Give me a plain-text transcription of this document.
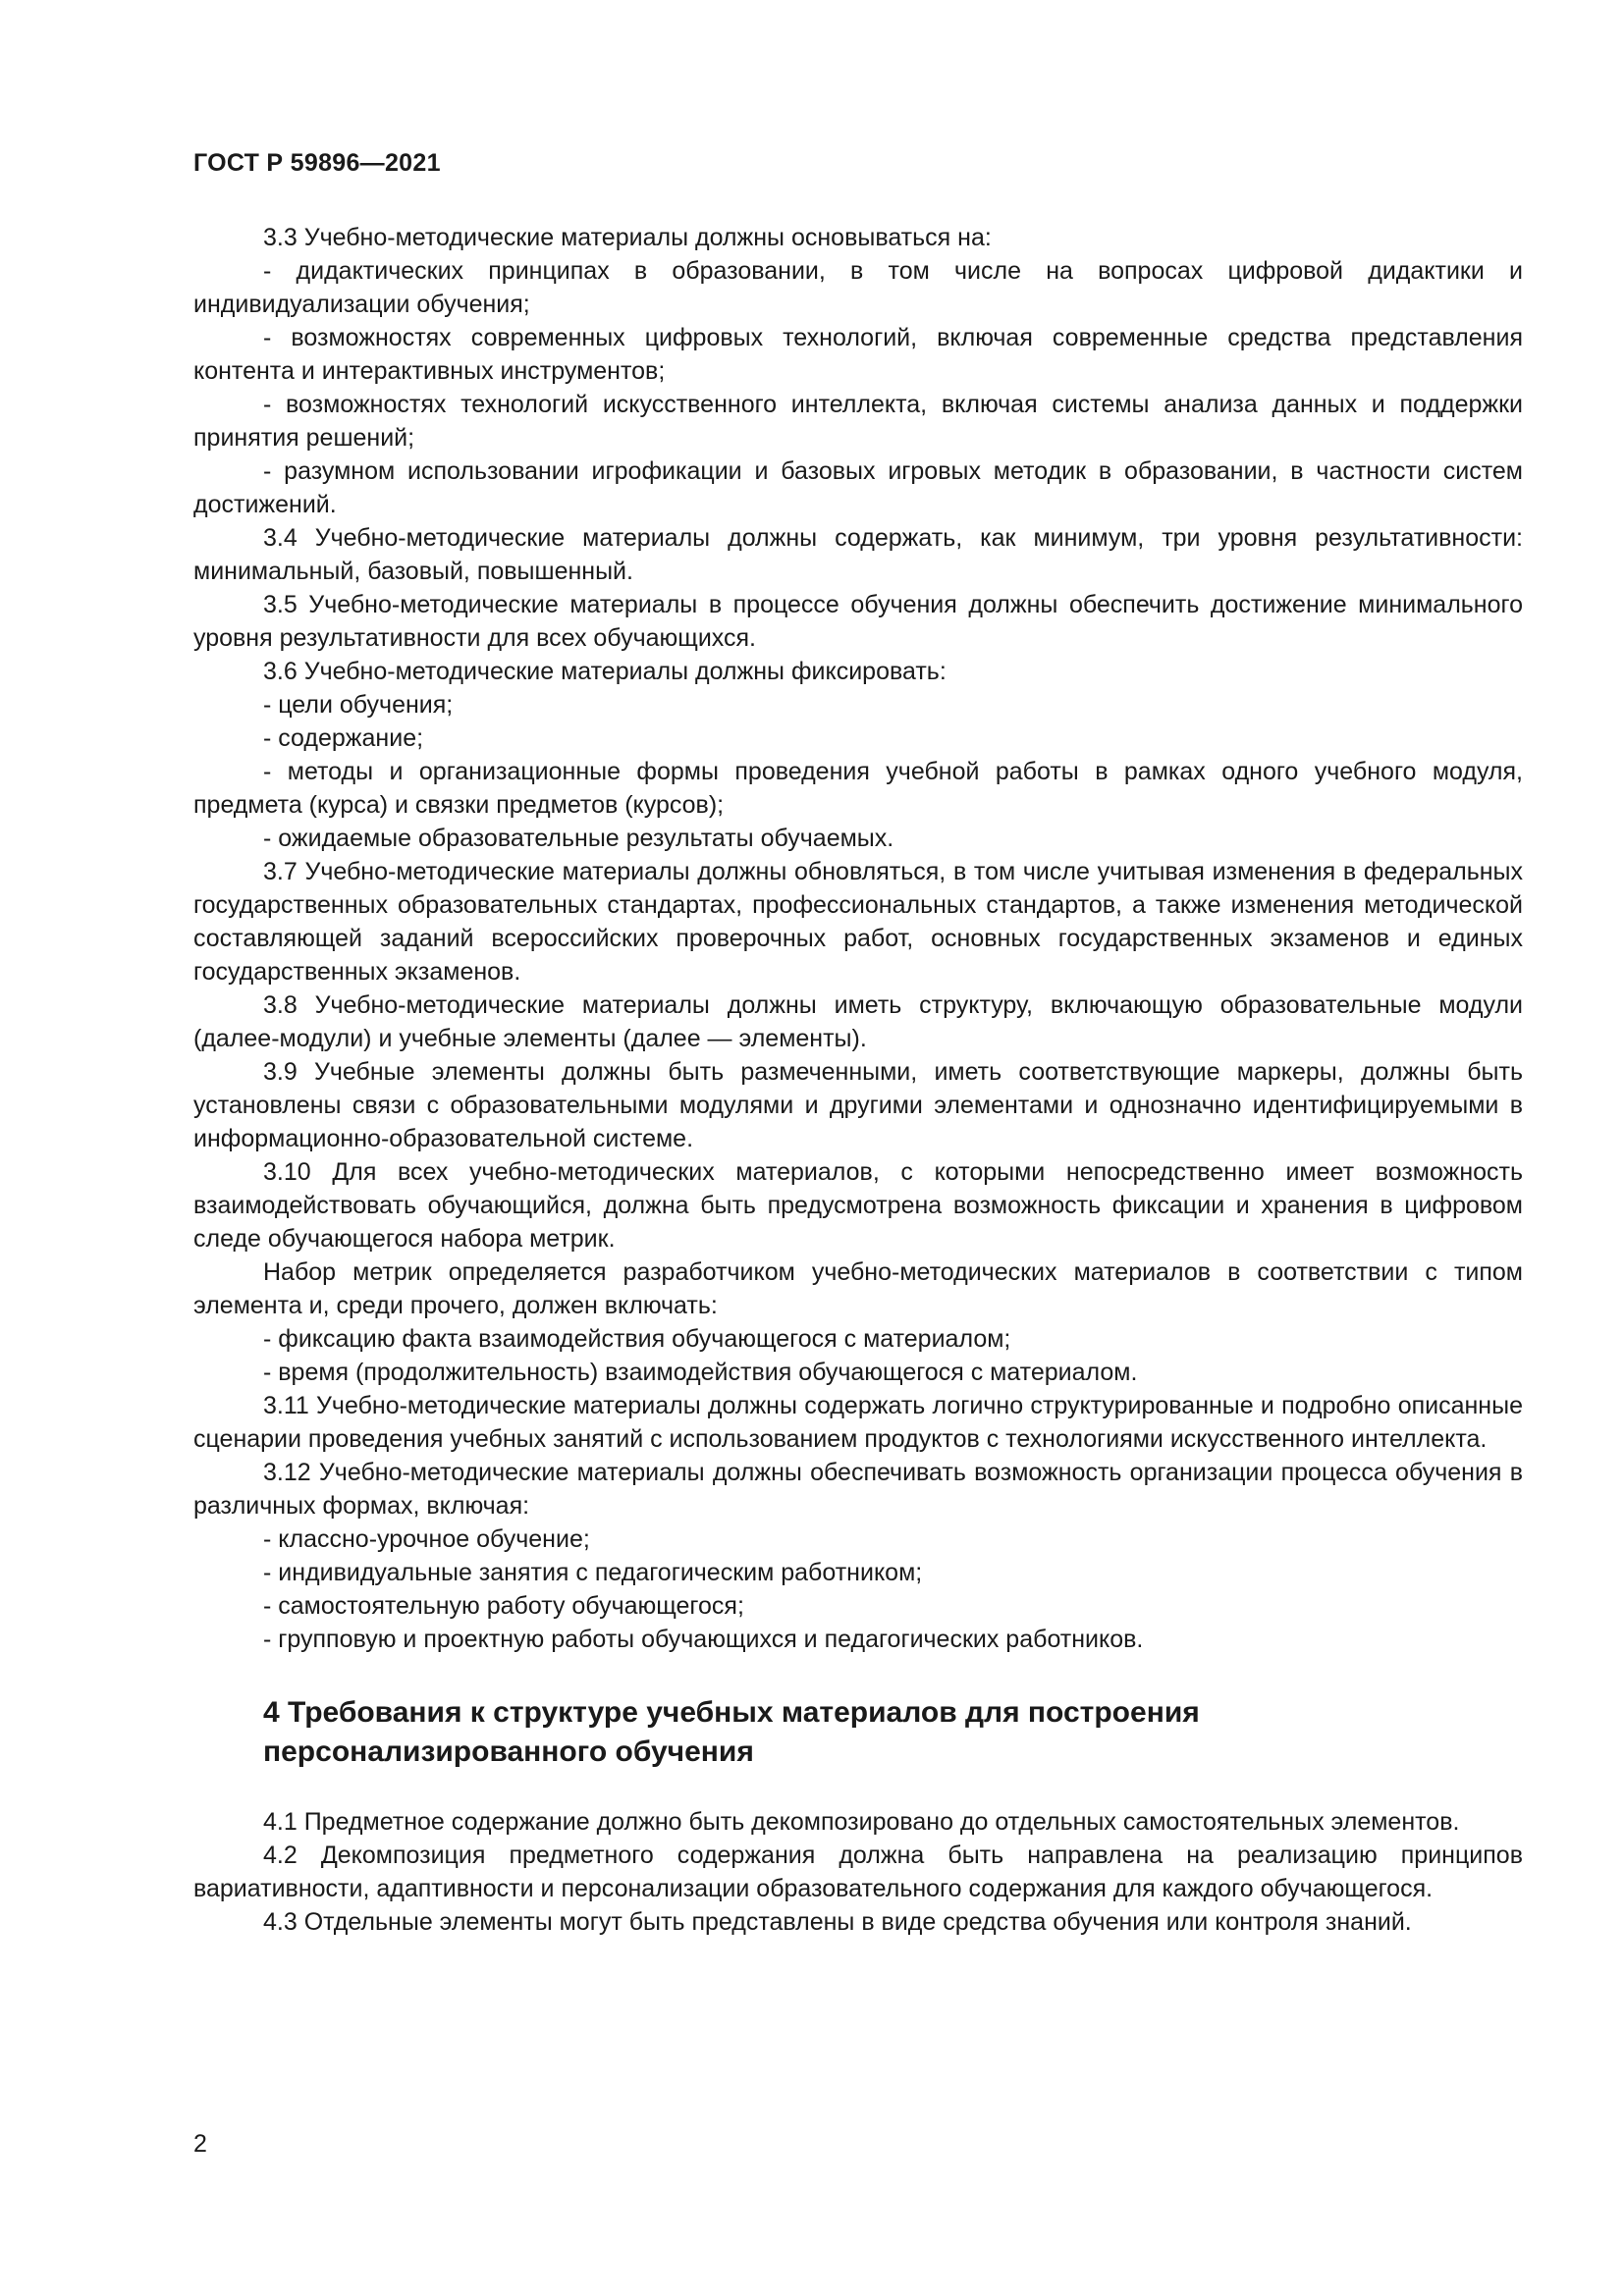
ГОСТ Р 59896—2021

3.3 Учебно-методические материалы должны основываться на:

- дидактических принципах в образовании, в том числе на вопросах цифровой дидактики и индивидуализации обучения;

- возможностях современных цифровых технологий, включая современные средства представления контента и интерактивных инструментов;

- возможностях технологий искусственного интеллекта, включая системы анализа данных и поддержки принятия решений;

- разумном использовании игрофикации и базовых игровых методик в образовании, в частности систем достижений.

3.4 Учебно-методические материалы должны содержать, как минимум, три уровня результативности: минимальный, базовый, повышенный.

3.5 Учебно-методические материалы в процессе обучения должны обеспечить достижение минимального уровня результативности для всех обучающихся.

3.6 Учебно-методические материалы должны фиксировать:

- цели обучения;

- содержание;

- методы и организационные формы проведения учебной работы в рамках одного учебного модуля, предмета (курса) и связки предметов (курсов);

- ожидаемые образовательные результаты обучаемых.

3.7 Учебно-методические материалы должны обновляться, в том числе учитывая изменения в федеральных государственных образовательных стандартах, профессиональных стандартов, а также изменения методической составляющей заданий всероссийских проверочных работ, основных государственных экзаменов и единых государственных экзаменов.

3.8 Учебно-методические материалы должны иметь структуру, включающую образовательные модули (далее-модули) и учебные элементы (далее — элементы).

3.9 Учебные элементы должны быть размеченными, иметь соответствующие маркеры, должны быть установлены связи с образовательными модулями и другими элементами и однозначно идентифицируемыми в информационно-образовательной системе.

3.10 Для всех учебно-методических материалов, с которыми непосредственно имеет возможность взаимодействовать обучающийся, должна быть предусмотрена возможность фиксации и хранения в цифровом следе обучающегося набора метрик.

Набор метрик определяется разработчиком учебно-методических материалов в соответствии с типом элемента и, среди прочего, должен включать:

- фиксацию факта взаимодействия обучающегося с материалом;

- время (продолжительность) взаимодействия обучающегося с материалом.

3.11 Учебно-методические материалы должны содержать логично структурированные и подробно описанные сценарии проведения учебных занятий с использованием продуктов с технологиями искусственного интеллекта.

3.12 Учебно-методические материалы должны обеспечивать возможность организации процесса обучения в различных формах, включая:

- классно-урочное обучение;

- индивидуальные занятия с педагогическим работником;

- самостоятельную работу обучающегося;

- групповую и проектную работы обучающихся и педагогических работников.

4 Требования к структуре учебных материалов для построения персонализированного обучения

4.1 Предметное содержание должно быть декомпозировано до отдельных самостоятельных элементов.

4.2 Декомпозиция предметного содержания должна быть направлена на реализацию принципов вариативности, адаптивности и персонализации образовательного содержания для каждого обучающегося.

4.3 Отдельные элементы могут быть представлены в виде средства обучения или контроля знаний.

2
